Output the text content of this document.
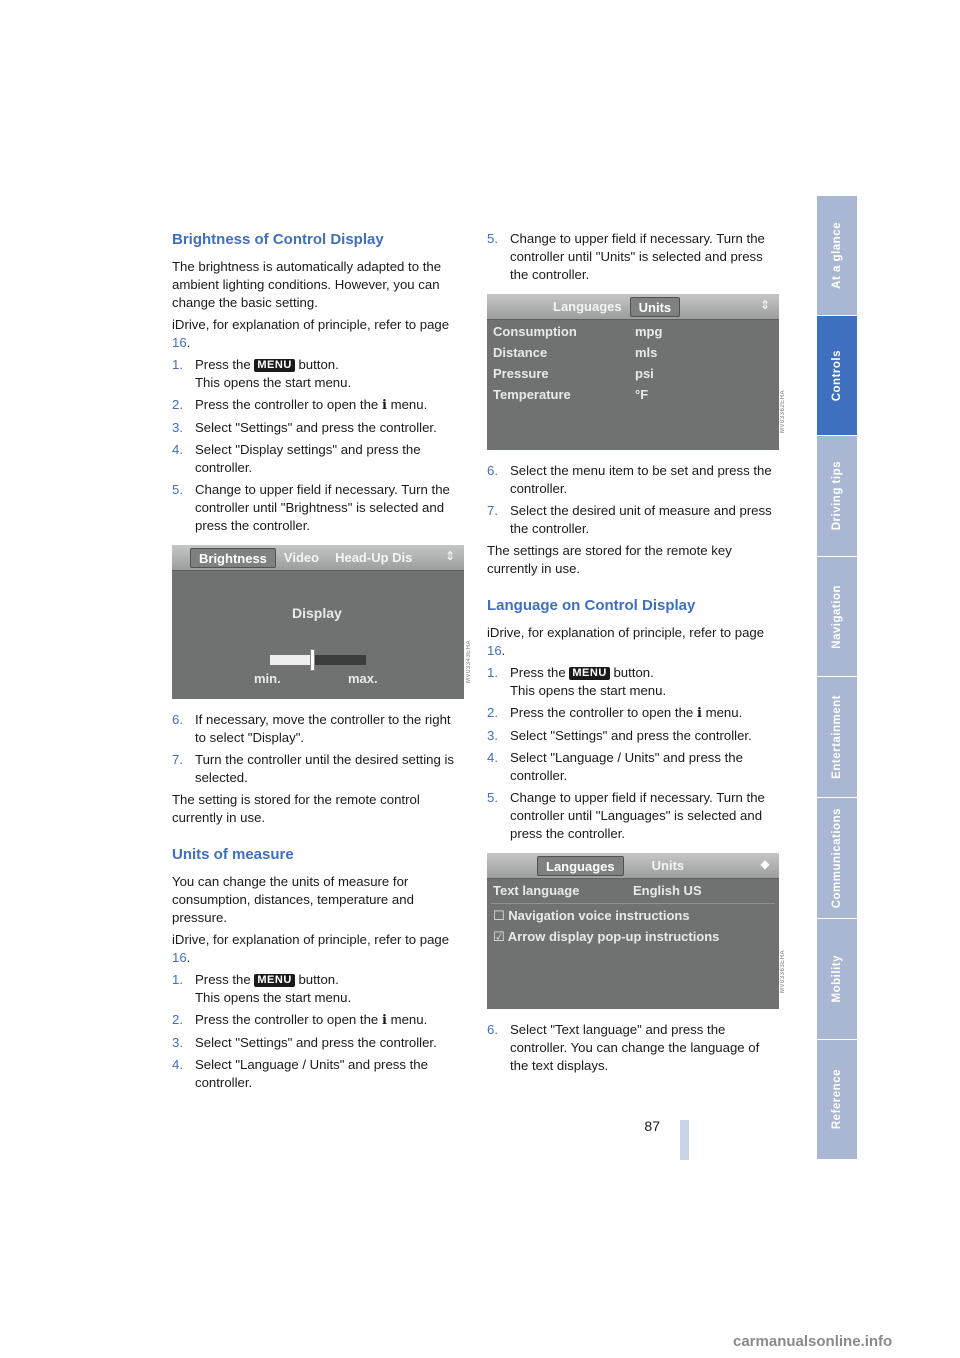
Brightness of Control Display

The brightness is automatically adapted to the ambient lighting conditions. However, you can change the basic setting.

iDrive, for explanation of principle, refer to page 16.

1. Press the MENU button.
This opens the start menu.
2. Press the controller to open the i menu.
3. Select "Settings" and press the controller.
4. Select "Display settings" and press the controller.
5. Change to upper field if necessary. Turn the controller until "Brightness" is selected and press the controller.
Brightness	Video	Head-Up Dis	⇕
Display
min.	max.
6. If necessary, move the controller to the right to select "Display".
7. Turn the controller until the desired setting is selected.

The setting is stored for the remote control currently in use.

Units of measure

You can change the units of measure for consumption, distances, temperature and pressure.

iDrive, for explanation of principle, refer to page 16.

1. Press the MENU button.
This opens the start menu.
2. Press the controller to open the i menu.
3. Select "Settings" and press the controller.
4. Select "Language / Units" and press the controller.
5. Change to upper field if necessary. Turn the controller until "Units" is selected and press the controller.
Languages	Units	⇕
Consumption	mpg
Distance	mls
Pressure	psi
Temperature	°F
6. Select the menu item to be set and press the controller.
7. Select the desired unit of measure and press the controller.

The settings are stored for the remote key currently in use.

Language on Control Display

iDrive, for explanation of principle, refer to page 16.

1. Press the MENU button.
This opens the start menu.
2. Press the controller to open the i menu.
3. Select "Settings" and press the controller.
4. Select "Language / Units" and press the controller.
5. Change to upper field if necessary. Turn the controller until "Languages" is selected and press the controller.
Languages	Units	◆
Text language	English US
☐ Navigation voice instructions
☑ Arrow display pop-up instructions
6. Select "Text language" and press the controller. You can change the language of the text displays.
MV03343EHA
MV03362EHA
MV03363EHA
At a glance
Controls
Driving tips
Navigation
Entertainment
Communications
Mobility
Reference
87
carmanualsonline.info
